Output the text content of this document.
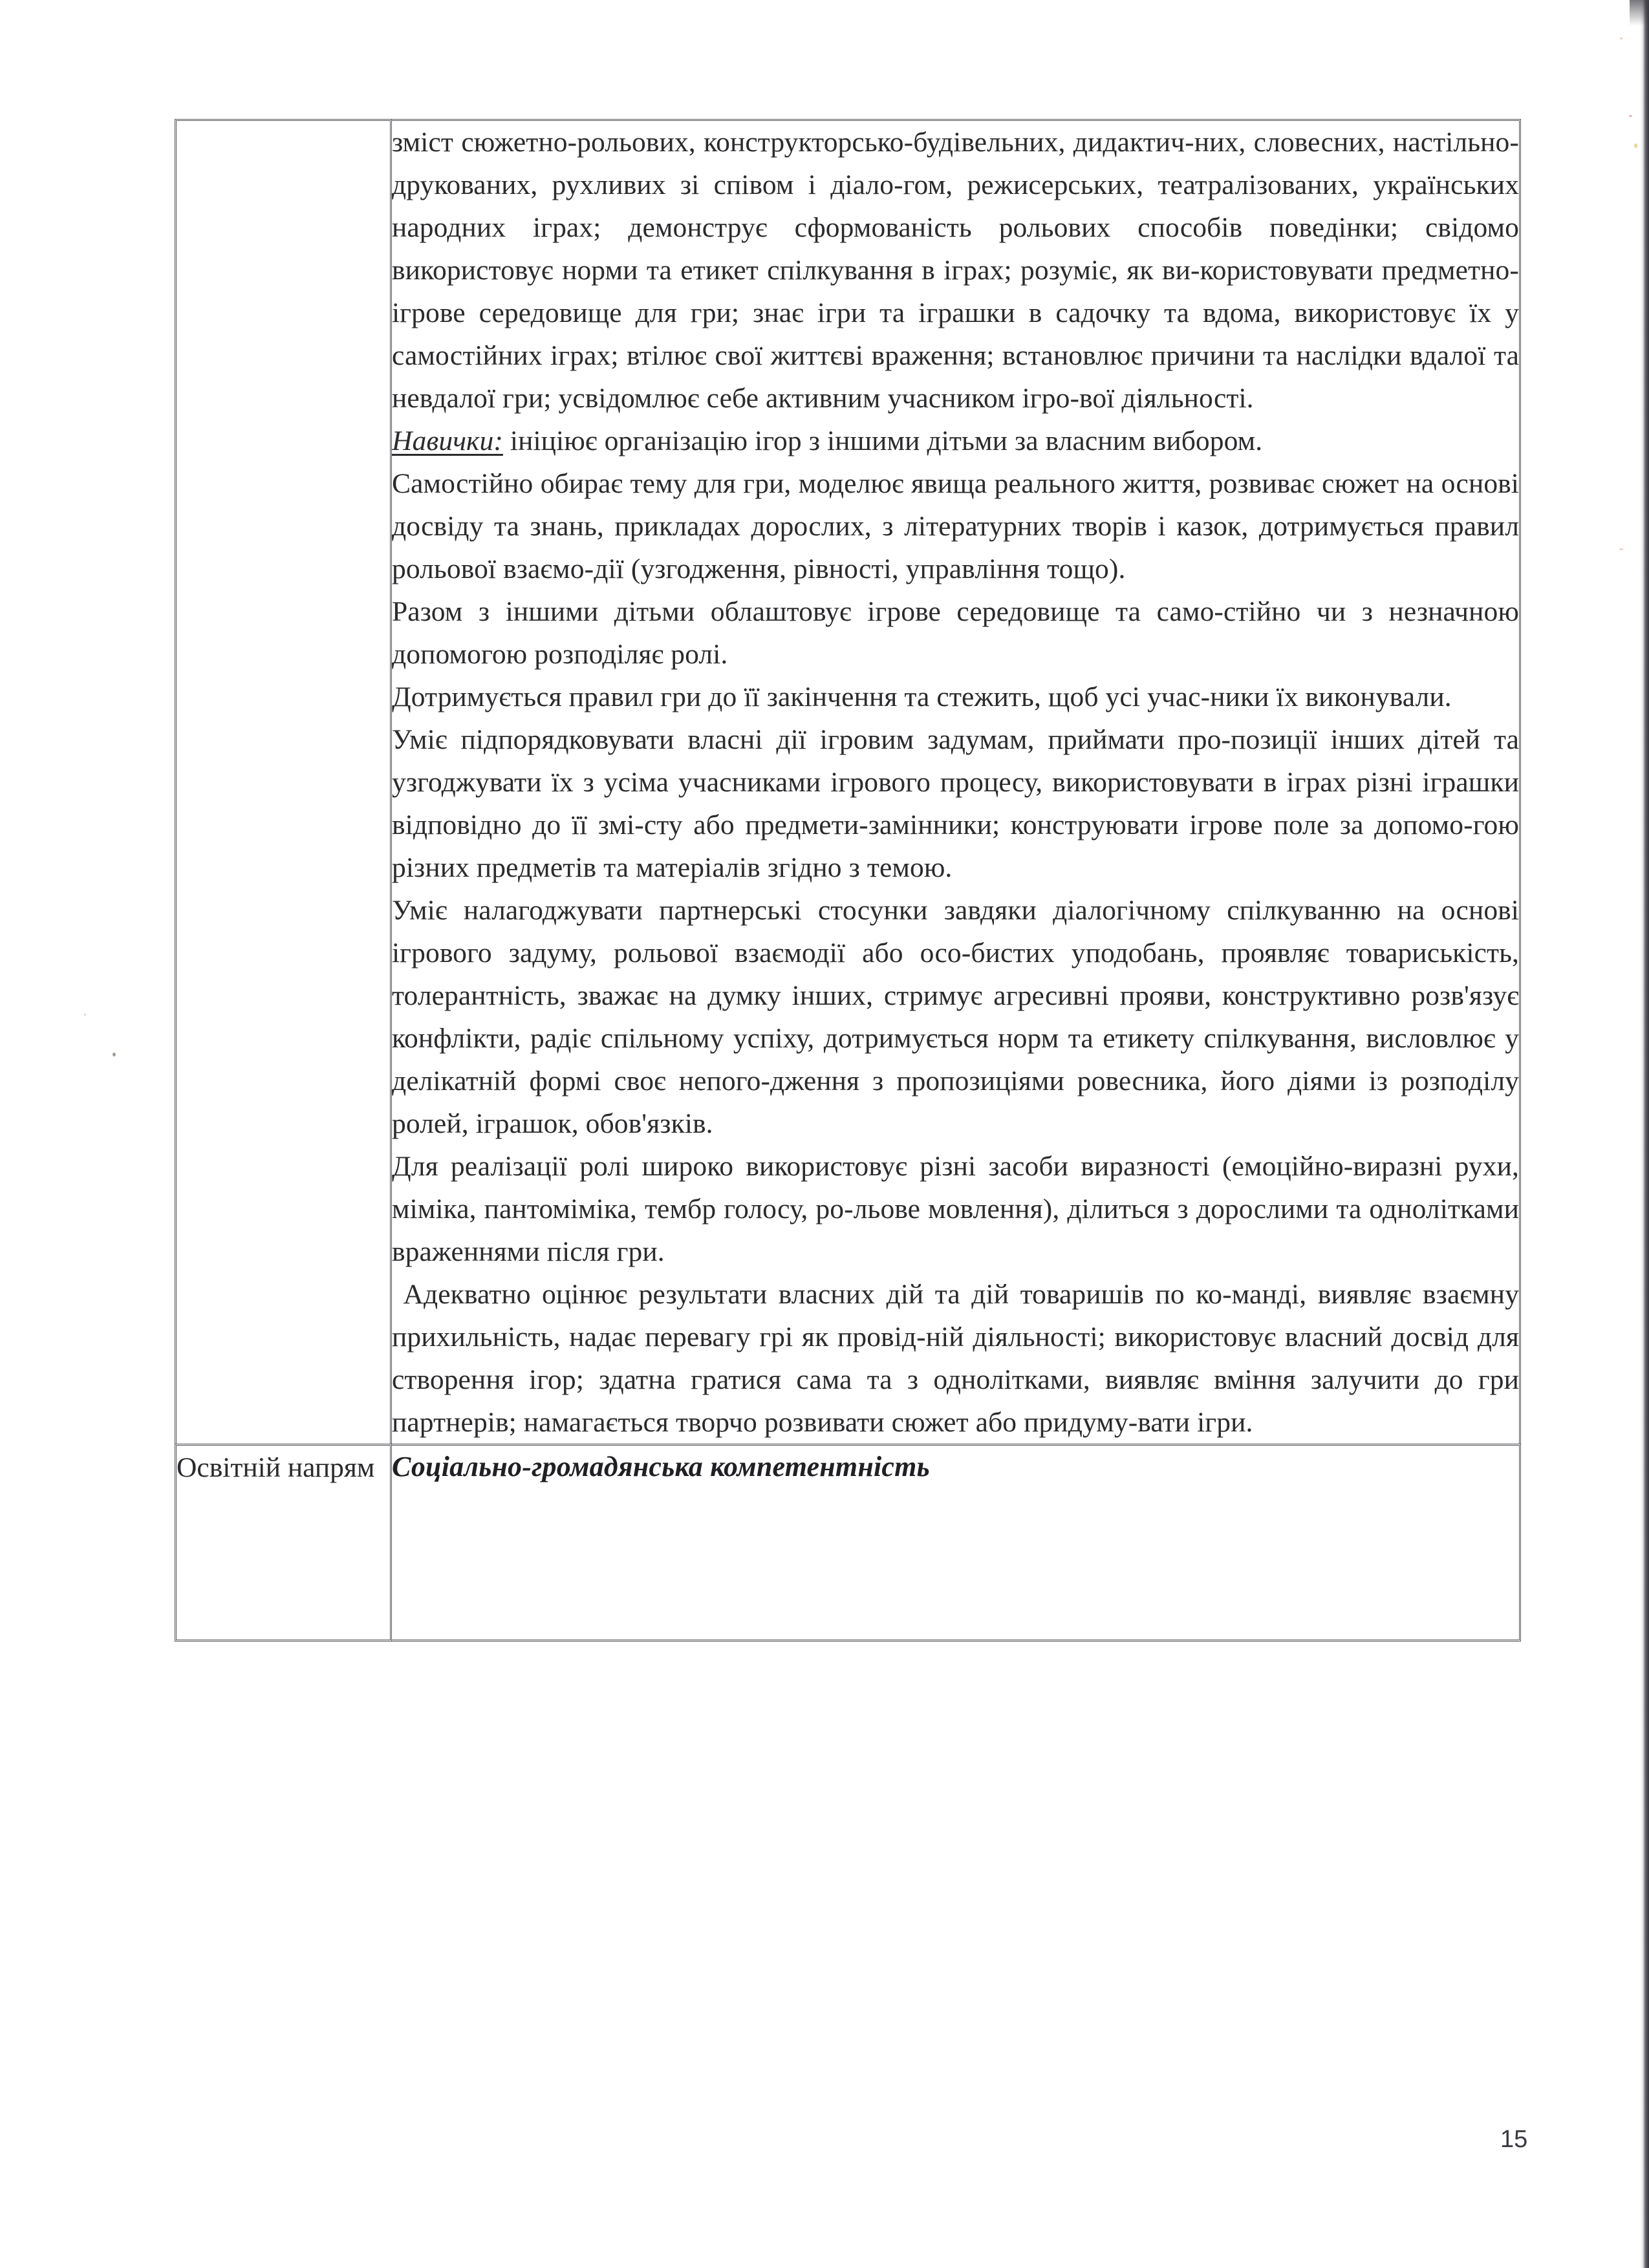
зміст сюжетно-рольових, конструкторсько-будівельних, дидактич-них, словесних, настільно-друкованих, рухливих зі співом і діало-гом, режисерських, театралізованих, українських народних іграх; демонструє сформованість рольових способів поведінки; свідомо використовує норми та етикет спілкування в іграх; розуміє, як ви-користовувати предметно-ігрове середовище для гри; знає ігри та іграшки в садочку та вдома, використовує їх у самостійних іграх; втілює свої життєві враження; встановлює причини та наслідки вдалої та невдалої гри; усвідомлює себе активним учасником ігро-вої діяльності.

Навички: ініціює організацію ігор з іншими дітьми за власним вибором.

Самостійно обирає тему для гри, моделює явища реального життя, розвиває сюжет на основі досвіду та знань, прикладах дорослих, з літературних творів і казок, дотримується правил рольової взаємо-дії (узгодження, рівності, управління тощо).

Разом з іншими дітьми облаштовує ігрове середовище та само-стійно чи з незначною допомогою розподіляє ролі.

Дотримується правил гри до її закінчення та стежить, щоб усі учас-ники їх виконували.

Уміє підпорядковувати власні дії ігровим задумам, приймати про-позиції інших дітей та узгоджувати їх з усіма учасниками ігрового процесу, використовувати в іграх різні іграшки відповідно до її змі-сту або предмети-замінники; конструювати ігрове поле за допомо-гою різних предметів та матеріалів згідно з темою.

Уміє налагоджувати партнерські стосунки завдяки діалогічному спілкуванню на основі ігрового задуму, рольової взаємодії або осо-бистих уподобань, проявляє товариськість, толерантність, зважає на думку інших, стримує агресивні прояви, конструктивно розв'язує конфлікти, радіє спільному успіху, дотримується норм та етикету спілкування, висловлює у делікатній формі своє непого-дження з пропозиціями ровесника, його діями із розподілу ролей, іграшок, обов'язків.

Для реалізації ролі широко використовує різні засоби виразності (емоційно-виразні рухи, міміка, пантоміміка, тембр голосу, ро-льове мовлення), ділиться з дорослими та однолітками враженнями після гри.

Адекватно оцінює результати власних дій та дій товаришів по ко-манді, виявляє взаємну прихильність, надає перевагу грі як провід-ній діяльності; використовує власний досвід для створення ігор; здатна гратися сама та з однолітками, виявляє вміння залучити до гри партнерів; намагається творчо розвивати сюжет або придуму-вати ігри.

Освітній напрям	Соціально-громадянська компетентність
15
